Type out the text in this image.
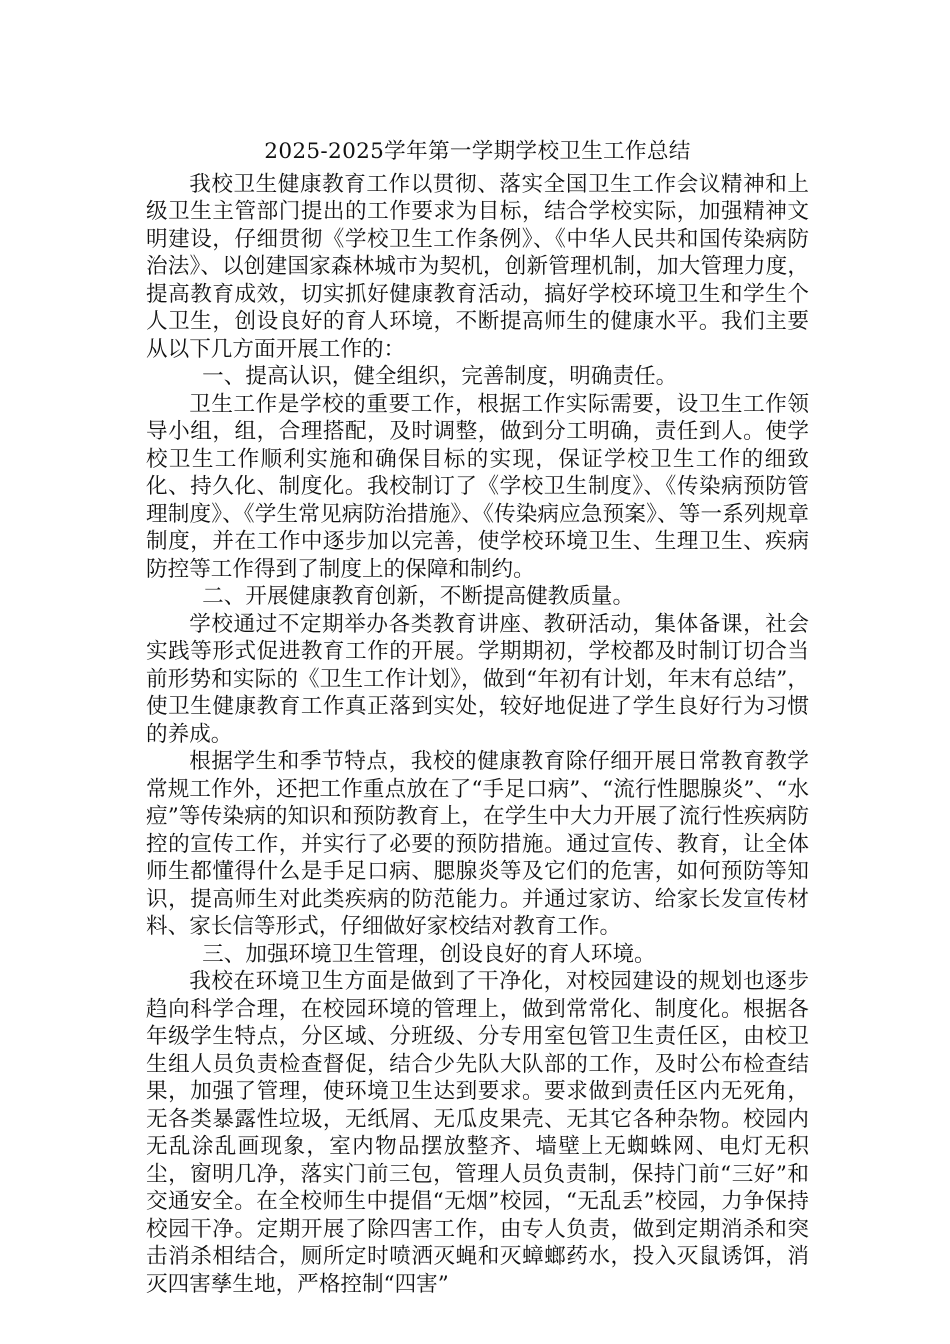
2025-2025学年第一学期学校卫生工作总结

我校卫生健康教育工作以贯彻、落实全国卫生工作会议精神和上级卫生主管部门提出的工作要求为目标，结合学校实际，加强精神文明建设，仔细贯彻《学校卫生工作条例》、《中华人民共和国传染病防治法》、以创建国家森林城市为契机，创新管理机制，加大管理力度，提高教育成效，切实抓好健康教育活动，搞好学校环境卫生和学生个人卫生，创设良好的育人环境，不断提高师生的健康水平。我们主要从以下几方面开展工作的：

一、提高认识，健全组织，完善制度，明确责任。

卫生工作是学校的重要工作，根据工作实际需要，设卫生工作领导小组，组，合理搭配，及时调整，做到分工明确，责任到人。使学校卫生工作顺利实施和确保目标的实现，保证学校卫生工作的细致化、持久化、制度化。我校制订了《学校卫生制度》、《传染病预防管理制度》、《学生常见病防治措施》、《传染病应急预案》、等一系列规章制度，并在工作中逐步加以完善，使学校环境卫生、生理卫生、疾病防控等工作得到了制度上的保障和制约。

二、开展健康教育创新，不断提高健教质量。

学校通过不定期举办各类教育讲座、教研活动，集体备课，社会实践等形式促进教育工作的开展。学期期初，学校都及时制订切合当前形势和实际的《卫生工作计划》，做到“年初有计划，年末有总结”，使卫生健康教育工作真正落到实处，较好地促进了学生良好行为习惯的养成。

根据学生和季节特点，我校的健康教育除仔细开展日常教育教学常规工作外，还把工作重点放在了“手足口病”、“流行性腮腺炎”、“水痘”等传染病的知识和预防教育上，在学生中大力开展了流行性疾病防控的宣传工作，并实行了必要的预防措施。通过宣传、教育，让全体师生都懂得什么是手足口病、腮腺炎等及它们的危害，如何预防等知识，提高师生对此类疾病的防范能力。并通过家访、给家长发宣传材料、家长信等形式，仔细做好家校结对教育工作。

三、加强环境卫生管理，创设良好的育人环境。

我校在环境卫生方面是做到了干净化，对校园建设的规划也逐步趋向科学合理，在校园环境的管理上，做到常常化、制度化。根据各年级学生特点，分区域、分班级、分专用室包管卫生责任区，由校卫生组人员负责检查督促，结合少先队大队部的工作，及时公布检查结果，加强了管理，使环境卫生达到要求。要求做到责任区内无死角，无各类暴露性垃圾，无纸屑、无瓜皮果壳、无其它各种杂物。校园内无乱涂乱画现象，室内物品摆放整齐、墙壁上无蜘蛛网、电灯无积尘，窗明几净，落实门前三包，管理人员负责制，保持门前“三好”和交通安全。在全校师生中提倡“无烟”校园，“无乱丢”校园，力争保持校园干净。定期开展了除四害工作，由专人负责，做到定期消杀和突击消杀相结合，厕所定时喷洒灭蝇和灭蟑螂药水，投入灭鼠诱饵，消灭四害孳生地，严格控制“四害”
